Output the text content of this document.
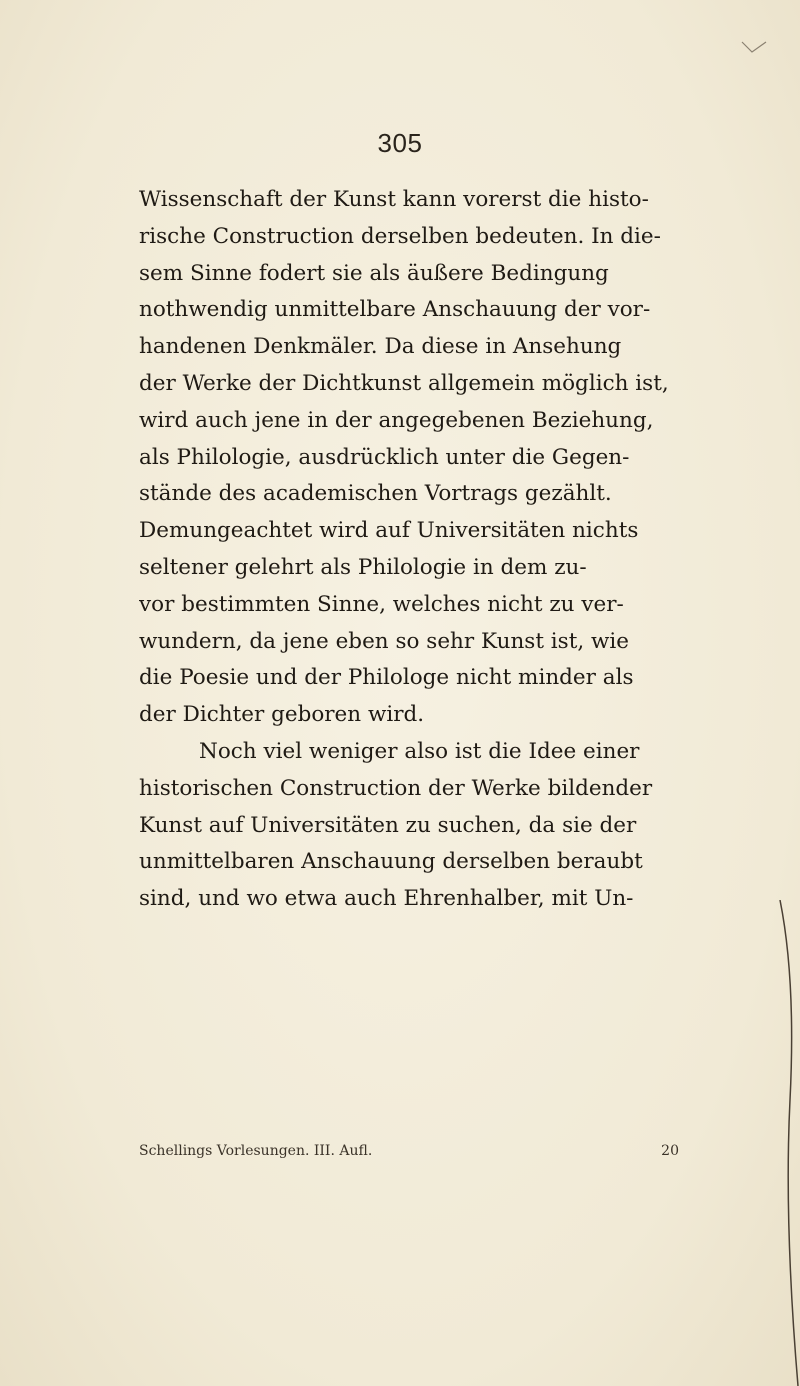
305
Wissenschaft der Kunst kann vorerst die histo-
rische Construction derselben bedeuten. In die-
sem Sinne fodert sie als äußere Bedingung
nothwendig unmittelbare Anschauung der vor-
handenen Denkmäler. Da diese in Ansehung
der Werke der Dichtkunst allgemein möglich ist,
wird auch jene in der angegebenen Beziehung,
als Philologie, ausdrücklich unter die Gegen-
stände des academischen Vortrags gezählt.
Demungeachtet wird auf Universitäten nichts
seltener gelehrt als Philologie in dem zu-
vor bestimmten Sinne, welches nicht zu ver-
wundern, da jene eben so sehr Kunst ist, wie
die Poesie und der Philologe nicht minder als
der Dichter geboren wird.
Noch viel weniger also ist die Idee einer
historischen Construction der Werke bildender
Kunst auf Universitäten zu suchen, da sie der
unmittelbaren Anschauung derselben beraubt
sind, und wo etwa auch Ehrenhalber, mit Un-
Schellings Vorlesungen. III. Aufl.	20
